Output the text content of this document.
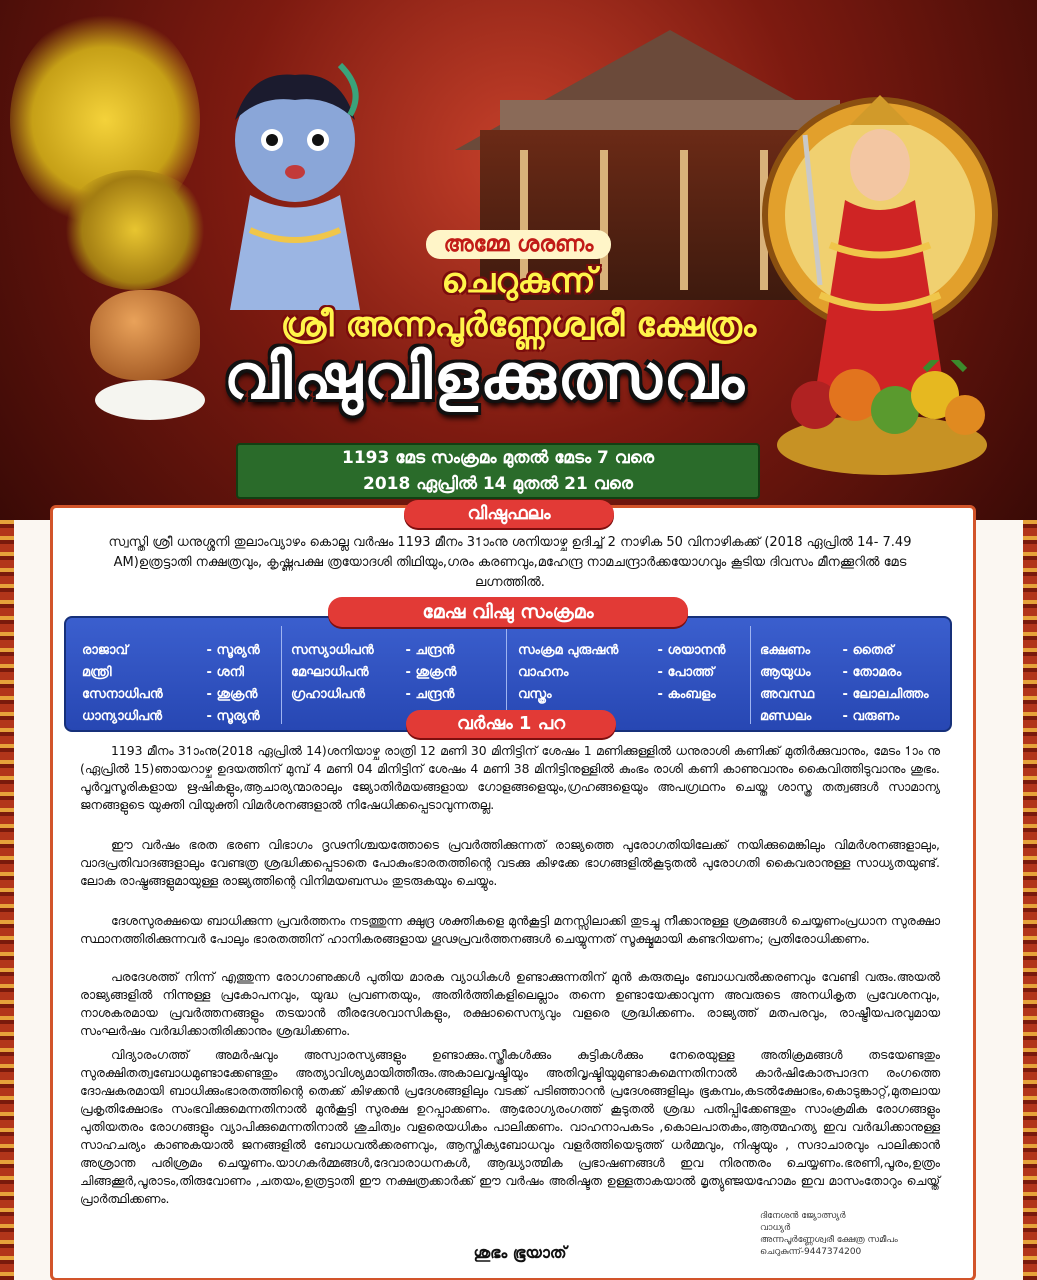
അമ്മേ ശരണം
ചെറുകുന്ന്
ശ്രീ അന്നപൂർണ്ണേശ്വരീ ക്ഷേത്രം
വിഷുവിളക്കുത്സവം
1193 മേട സംക്രമം മുതൽ മേടം 7 വരെ
2018 ഏപ്രിൽ 14 മുതൽ 21 വരെ
വിഷുഫലം

സ്വസ്തി ശ്രീ ധനുശ്ശനി തുലാംവ്യാഴം കൊല്ല വർഷം 1193 മീനം 31ാംനു ശനിയാഴ്ച ഉദിച്ച് 2 നാഴിക 50 വിനാഴികക്ക് (2018 ഏപ്രിൽ 14- 7.49 AM)ഉത്രട്ടാതി നക്ഷത്രവും, കൃഷ്ണപക്ഷ ത്രയോദശി തിഥിയും,ഗരം കരണവും,മഹേന്ദ്ര നാമചന്ദ്രാർക്കയോഗവും കൂടിയ ദിവസം മീനക്കൂറിൽ മേട ലഗ്നത്തിൽ.

രാജാവ്	- സൂര്യൻ
മന്ത്രി	- ശനി
സേനാധിപൻ	- ശുക്രൻ
ധാന്യാധിപൻ	- സൂര്യൻ
സസ്യാധിപൻ - ചന്ദ്രൻ
മേഘാധിപൻ - ശുക്രൻ
ഗ്രഹാധിപൻ	- ചന്ദ്രൻ
സംക്രമ പുരുഷൻ	- ശയാനൻ
വാഹനം	- പോത്ത്
വസ്ത്രം	- കംബളം
ഭക്ഷണം - തൈര്
ആയുധം - തോമരം
അവസ്ഥ - ലോലചിത്തം
മണ്ഡലം - വരുണം
മേഷ വിഷു സംക്രമം
വർഷം 1 പറ

1193 മീനം 31ാംനു(2018 ഏപ്രിൽ 14)ശനിയാഴ്ച രാത്രി 12 മണി 30 മിനിട്ടിന് ശേഷം 1 മണിക്കുള്ളിൽ ധനുരാശി കണിക്ക് മുതിർക്കുവാനും, മേടം 1ാം നു (ഏപ്രിൽ 15)ഞായറാഴ്ച ഉദയത്തിന് മുമ്പ് 4 മണി 04 മിനിട്ടിന് ശേഷം 4 മണി 38 മിനിട്ടിനുള്ളിൽ കുംഭം രാശി കണി കാണുവാനും കൈവിത്തിടുവാനും ശുഭം. പൂർവ്വസൂരികളായ ഋഷികളും,ആചാര്യന്മാരാലും ജ്യോതിർമയങ്ങളായ ഗോളങ്ങളെയും,ഗ്രഹങ്ങളെയും അപഗ്രഥനം ചെയ്ത ശാസ്ത്ര തത്വങ്ങൾ സാമാന്യ ജനങ്ങളുടെ യുക്തി വിയുക്തി വിമർശനങ്ങളാൽ നിഷേധിക്കപ്പെടാവുന്നതല്ല.

ഈ വർഷം ഭരത ഭരണ വിഭാഗം ദൃഢനിശ്ചയത്തോടെ പ്രവർത്തിക്കുന്നത് രാജ്യത്തെ പുരോഗതിയിലേക്ക് നയിക്കുമെങ്കിലും വിമർശനങ്ങളാലും, വാദപ്രതിവാദങ്ങളാലും വേണ്ടത്ര ശ്രദ്ധിക്കപ്പെടാതെ പോകുംഭാരതത്തിന്റെ വടക്കു കിഴക്കേ ഭാഗങ്ങളിൽകൂടുതൽ പുരോഗതി കൈവരാനുള്ള സാധ്യതയുണ്ട്. ലോക രാഷ്ട്രങ്ങളുമായുള്ള രാജ്യത്തിന്റെ വിനിമയബന്ധം തുടരുകയും ചെയ്യും.

ദേശസുരക്ഷയെ ബാധിക്കുന്ന പ്രവർത്തനം നടത്തുന്ന ക്ഷുദ്ര ശക്തികളെ മുൻകൂട്ടി മനസ്സിലാക്കി തുടച്ചു നീക്കാനുള്ള ശ്രമങ്ങൾ ചെയ്യണംപ്രധാന സുരക്ഷാ സ്ഥാനത്തിരിക്കുന്നവർ പോലും ഭാരതത്തിന് ഹാനികരങ്ങളായ ഗൂഢപ്രവർത്തനങ്ങൾ ചെയ്യുന്നത് സൂക്ഷ്മമായി കണ്ടറിയണം; പ്രതിരോധിക്കണം.

പരദേശത്ത് നിന്ന് എത്തുന്ന രോഗാണുക്കൾ പുതിയ മാരക വ്യാധികൾ ഉണ്ടാക്കുന്നതിന് മുൻ കരുതലും ബോധവൽക്കരണവും വേണ്ടി വരും.അയൽ രാജ്യങ്ങളിൽ നിന്നുള്ള പ്രകോപനവും, യുദ്ധ പ്രവണതയും, അതിർത്തികളിലെല്ലാം തന്നെ ഉണ്ടായേക്കാവുന്ന അവരുടെ അനധികൃത പ്രവേശനവും, നാശകരമായ പ്രവർത്തനങ്ങളും തടയാൻ തീരദേശവാസികളും, രക്ഷാസൈന്യവും വളരെ ശ്രദ്ധിക്കണം. രാജ്യത്ത് മതപരവും, രാഷ്ട്രീയപരവുമായ സംഘർഷം വർദ്ധിക്കാതിരിക്കാനും ശ്രദ്ധിക്കണം.

വിദ്യാരംഗത്ത് അമർഷവും അസ്വാരസ്യങ്ങളും ഉണ്ടാക്കും.സ്ത്രീകൾക്കും കുട്ടികൾക്കും നേരെയുള്ള അതിക്രമങ്ങൾ തടയേണ്ടതും സുരക്ഷിതത്വബോധമുണ്ടാക്കേണ്ടതും അത്യാവിശ്യമായിത്തീരും.അകാലവൃഷ്ടിയും അതിവൃഷ്ടിയുമുണ്ടാകുമെന്നതിനാൽ കാർഷികോത്പാദന രംഗത്തെ ദോഷകരമായി ബാധിക്കുംഭാരതത്തിന്റെ തെക്ക് കിഴക്കൻ പ്രദേശങ്ങളിലും വടക്ക് പടിഞ്ഞാറൻ പ്രദേശങ്ങളിലും ഭൂകമ്പം,കടൽക്ഷോഭം,കൊടുങ്കാറ്റ്,മുതലായ പ്രകൃതിക്ഷോഭം സംഭവിക്കുമെന്നതിനാൽ മുൻകൂട്ടി സുരക്ഷ ഉറപ്പാക്കണം. ആരോഗ്യരംഗത്ത് കൂടുതൽ ശ്രദ്ധ പതിപ്പിക്കേണ്ടതും സാംക്രമിക രോഗങ്ങളും പുതിയതരം രോഗങ്ങളും വ്യാപിക്കുമെന്നതിനാൽ ശുചിത്വം വളരെയധികം പാലിക്കണം. വാഹനാപകടം ,കൊലപാതകം,ആത്മഹത്യ ഇവ വർദ്ധിക്കാനുള്ള സാഹചര്യം കാണുകയാൽ ജനങ്ങളിൽ ബോധവൽക്കരണവും, ആസ്തിക്യബോധവും വളർത്തിയെടുത്ത് ധർമ്മവും, നിഷ്ഠയും , സദാചാരവും പാലിക്കാൻ അശ്രാന്ത പരിശ്രമം ചെയ്യണം.യാഗകർമ്മങ്ങൾ,ദേവാരാധനകൾ, ആദ്ധ്യാത്മിക പ്രഭാഷണങ്ങൾ ഇവ നിരന്തരം ചെയ്യണം.ഭരണി,പൂരം,ഉത്രം ചിങ്ങക്കൂർ,പൂരാടം,തിരുവോണം ,ചതയം,ഉത്രട്ടാതി ഈ നക്ഷത്രക്കാർക്ക് ഈ വർഷം അരിഷ്ടത ഉള്ളതാകയാൽ മൃത്യുഞ്ജയഹോമം ഇവ മാസംതോറും ചെയ്ത് പ്രാർത്ഥിക്കണം.

ദിനേശൻ ജ്യോത്സ്യർ
വാധ്യർ
അന്നപൂർണ്ണേശ്വരീ ക്ഷേത്ര സമീപം
ചെറുകുന്ന്-9447374200
ശുഭം ഭൂയാത്
